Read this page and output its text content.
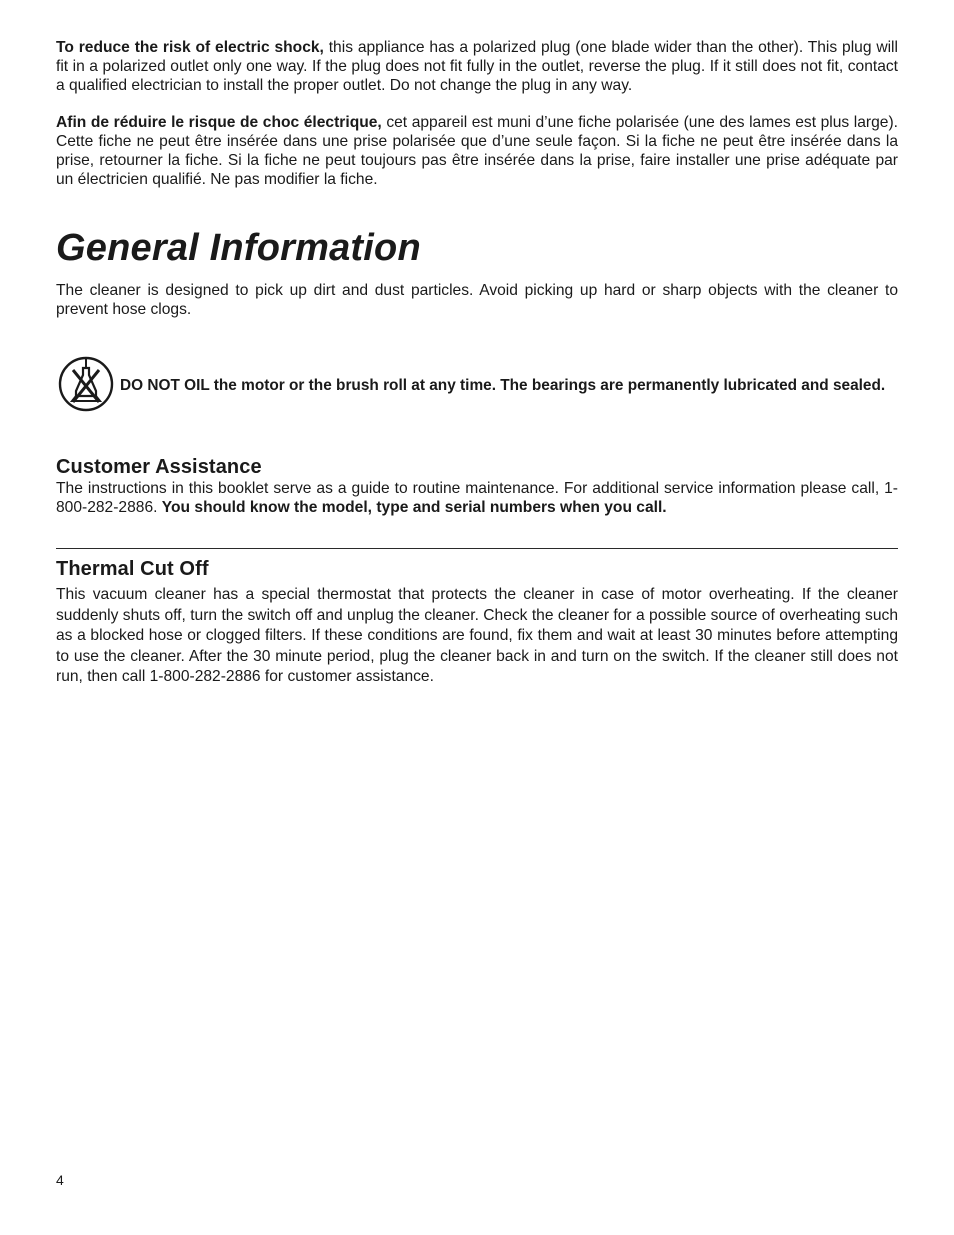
To reduce the risk of electric shock, this appliance has a polarized plug (one blade wider than the other). This plug will fit in a polarized outlet only one way. If the plug does not fit fully in the outlet, reverse the plug. If it still does not fit, contact a qualified electrician to install the proper outlet. Do not change the plug in any way.

Afin de réduire le risque de choc électrique, cet appareil est muni d’une fiche polarisée (une des lames est plus large). Cette fiche ne peut être insérée dans une prise polarisée que d’une seule façon. Si la fiche ne peut être insérée dans la prise, retourner la fiche. Si la fiche ne peut toujours pas être insérée dans la prise, faire installer une prise adéquate par un électricien qualifié. Ne pas modifier la fiche.

General Information

The cleaner is designed to pick up dirt and dust particles. Avoid picking up hard or sharp objects with the cleaner to prevent hose clogs.

DO NOT OIL the motor or the brush roll at any time. The bearings are permanently lubricated and sealed.
Customer Assistance

The instructions in this booklet serve as a guide to routine maintenance. For additional service information please call, 1-800-282-2886. You should know the model, type and serial numbers when you call.

Thermal Cut Off

This vacuum cleaner has a special thermostat that protects the cleaner in case of motor overheating. If the cleaner suddenly shuts off, turn the switch off and unplug the cleaner. Check the cleaner for a possible source of overheating such as a blocked hose or clogged filters. If these conditions are found, fix them and wait at least 30 minutes before attempting to use the cleaner. After the 30 minute period, plug the cleaner back in and turn on the switch. If the cleaner still does not run, then call 1-800-282-2886 for customer assistance.

4
